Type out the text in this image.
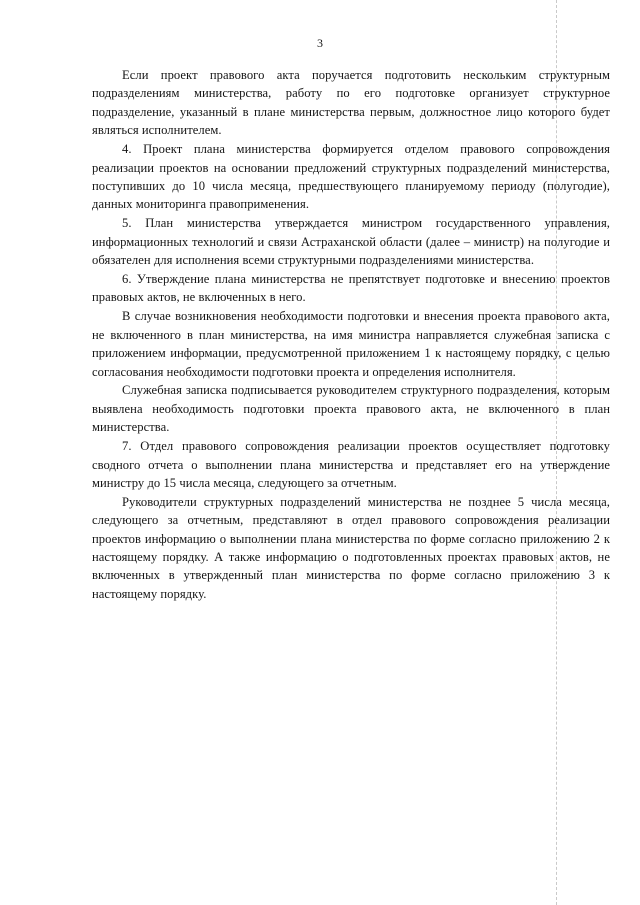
3

Если проект правового акта поручается подготовить нескольким структурным подразделениям министерства, работу по его подготовке организует структурное подразделение, указанный в плане министерства первым, должностное лицо которого будет являться исполнителем.

4. Проект плана министерства формируется отделом правового сопровождения реализации проектов на основании предложений структурных подразделений министерства, поступивших до 10 числа месяца, предшествующего планируемому периоду (полугодие), данных мониторинга правоприменения.

5. План министерства утверждается министром государственного управления, информационных технологий и связи Астраханской области (далее – министр) на полугодие и обязателен для исполнения всеми структурными подразделениями министерства.

6. Утверждение плана министерства не препятствует подготовке и внесению проектов правовых актов, не включенных в него.

В случае возникновения необходимости подготовки и внесения проекта правового акта, не включенного в план министерства, на имя министра направляется служебная записка с приложением информации, предусмотренной приложением 1 к настоящему порядку, с целью согласования необходимости подготовки проекта и определения исполнителя.

Служебная записка подписывается руководителем структурного подразделения, которым выявлена необходимость подготовки проекта правового акта, не включенного в план министерства.

7. Отдел правового сопровождения реализации проектов осуществляет подготовку сводного отчета о выполнении плана министерства и представляет его на утверждение министру до 15 числа месяца, следующего за отчетным.

Руководители структурных подразделений министерства не позднее 5 числа месяца, следующего за отчетным, представляют в отдел правового сопровождения реализации проектов информацию о выполнении плана министерства по форме согласно приложению 2 к настоящему порядку. А также информацию о подготовленных проектах правовых актов, не включенных в утвержденный план министерства по форме согласно приложению 3 к настоящему порядку.
